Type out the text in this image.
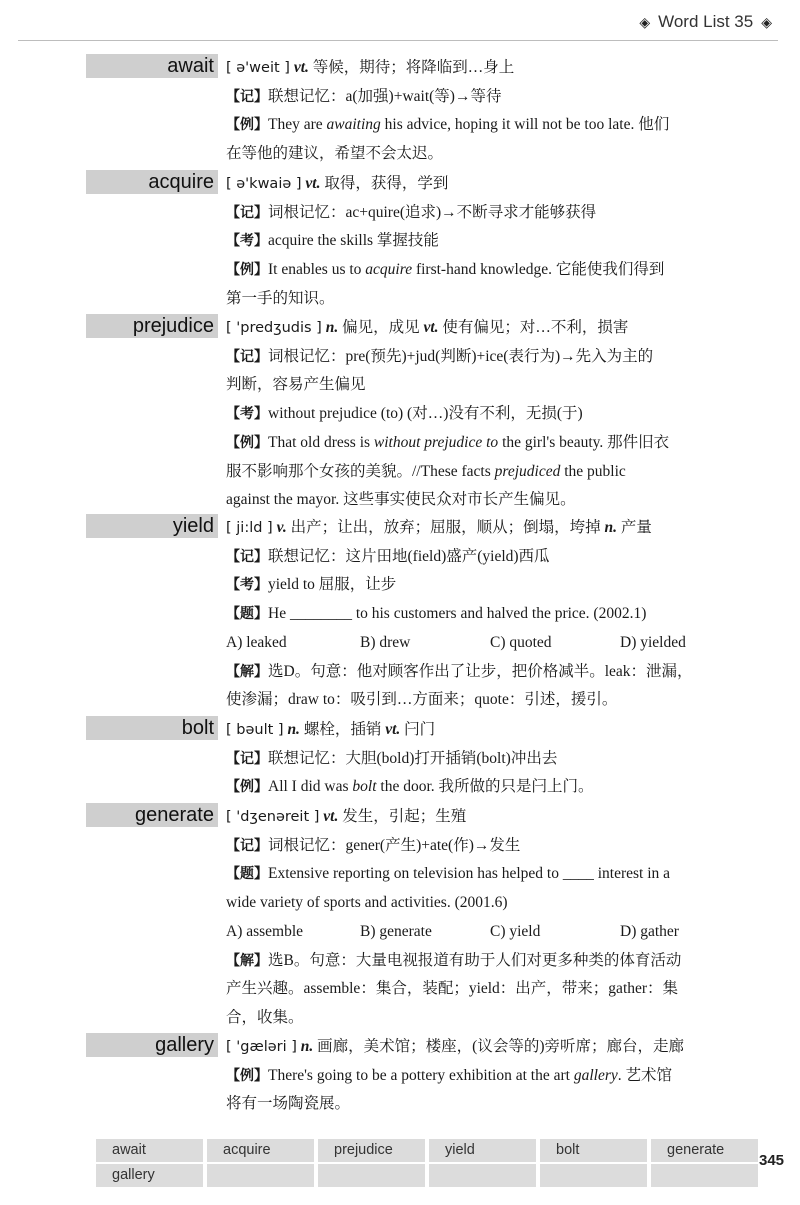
◈ Word List 35 ◈
await [ ə'weit ] vt. 等候，期待；将降临到…身上
【记】联想记忆：a(加强)+wait(等)→等待
【例】They are awaiting his advice, hoping it will not be too late. 他们
在等他的建议，希望不会太迟。
acquire [ ə'kwaiə ] vt. 取得，获得，学到
【记】词根记忆：ac+quire(追求)→不断寻求才能够获得
【考】acquire the skills 掌握技能
【例】It enables us to acquire first-hand knowledge. 它能使我们得到
第一手的知识。
prejudice [ 'predʒudis ] n. 偏见，成见 vt. 使有偏见；对…不利，损害
【记】词根记忆：pre(预先)+jud(判断)+ice(表行为)→先入为主的
判断，容易产生偏见
【考】without prejudice (to) (对…)没有不利，无损(于)
【例】That old dress is without prejudice to the girl's beauty. 那件旧衣
服不影响那个女孩的美貌。//These facts prejudiced the public
against the mayor. 这些事实使民众对市长产生偏见。
yield [ ji:ld ] v. 出产；让出，放弃；屈服，顺从；倒塌，垮掉 n. 产量
【记】联想记忆：这片田地(field)盛产(yield)西瓜
【考】yield to 屈服，让步
【题】He ________ to his customers and halved the price. (2002.1)
A) leaked	B) drew	C) quoted	D) yielded
【解】选D。句意：他对顾客作出了让步，把价格减半。leak：泄漏，
使渗漏；draw to：吸引到…方面来；quote：引述，援引。
bolt [ bəult ] n. 螺栓，插销 vt. 闩门
【记】联想记忆：大胆(bold)打开插销(bolt)冲出去
【例】All I did was bolt the door. 我所做的只是闩上门。
generate [ 'dʒenəreit ] vt. 发生，引起；生殖
【记】词根记忆：gener(产生)+ate(作)→发生
【题】Extensive reporting on television has helped to ____ interest in a
wide variety of sports and activities. (2001.6)
A) assemble	B) generate	C) yield	D) gather
【解】选B。句意：大量电视报道有助于人们对更多种类的体育活动
产生兴趣。assemble：集合，装配；yield：出产，带来；gather：集
合，收集。
gallery [ 'gæləri ] n. 画廊，美术馆；楼座，(议会等的)旁听席；廊台，走廊
【例】There's going to be a pottery exhibition at the art gallery. 艺术馆
将有一场陶瓷展。
await	acquire	prejudice	yield	bolt	generate
gallery
345
